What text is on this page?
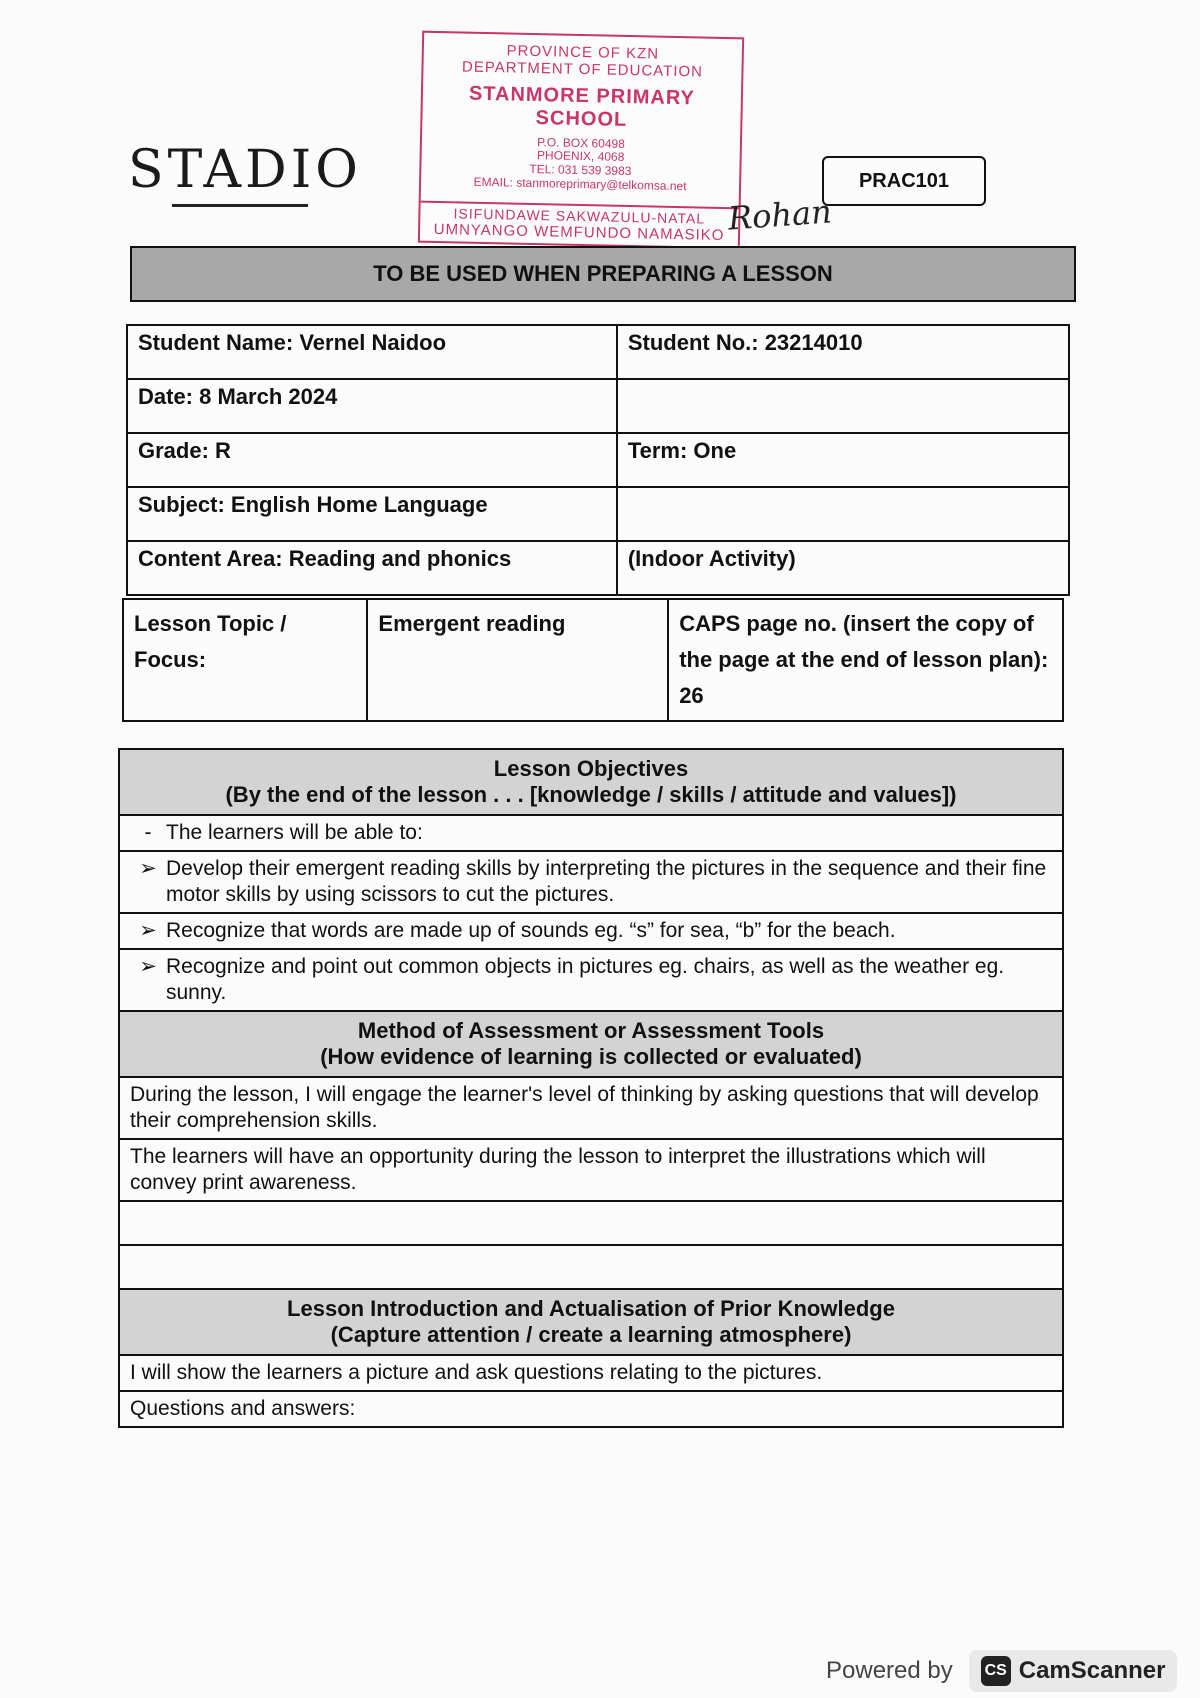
STADIO
PROVINCE OF KZN
DEPARTMENT OF EDUCATION
STANMORE PRIMARY SCHOOL
P.O. BOX 60498
PHOENIX, 4068
TEL: 031 539 3983
EMAIL: stanmoreprimary@telkomsa.net
ISIFUNDAWE SAKWAZULU-NATAL
UMNYANGO WEMFUNDO NAMASIKO Rohan
PRAC101
TO BE USED WHEN PREPARING A LESSON
Student Name: Vernel Naidoo	Student No.: 23214010
Date: 8 March 2024	
Grade: R	Term: One
Subject: English Home Language	
Content Area: Reading and phonics	(Indoor Activity)
Lesson Topic / Focus:	Emergent reading	CAPS page no. (insert the copy of the page at the end of lesson plan): 26
Lesson Objectives
(By the end of the lesson . . . [knowledge / skills / attitude and values])

- The learners will be able to:

➢ Develop their emergent reading skills by interpreting the pictures in the sequence and their fine motor skills by using scissors to cut the pictures.

➢ Recognize that words are made up of sounds eg. “s” for sea, “b” for the beach.

➢ Recognize and point out common objects in pictures eg. chairs, as well as the weather eg. sunny.

Method of Assessment or Assessment Tools
(How evidence of learning is collected or evaluated)

During the lesson, I will engage the learner's level of thinking by asking questions that will develop their comprehension skills.
The learners will have an opportunity during the lesson to interpret the illustrations which will convey print awareness.

Lesson Introduction and Actualisation of Prior Knowledge
(Capture attention / create a learning atmosphere)

I will show the learners a picture and ask questions relating to the pictures.
Questions and answers:
Powered by CS CamScanner
